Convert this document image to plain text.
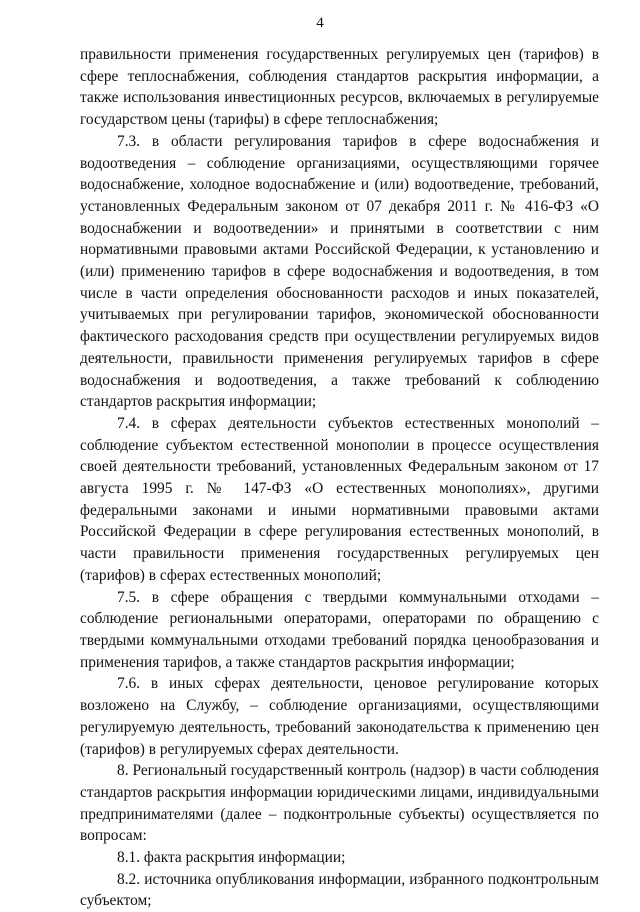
4

правильности применения государственных регулируемых цен (тарифов) в сфере теплоснабжения, соблюдения стандартов раскрытия информации, а также использования инвестиционных ресурсов, включаемых в регулируемые государством цены (тарифы) в сфере теплоснабжения;

7.3. в области регулирования тарифов в сфере водоснабжения и водоотведения – соблюдение организациями, осуществляющими горячее водоснабжение, холодное водоснабжение и (или) водоотведение, требований, установленных Федеральным законом от 07 декабря 2011 г. № 416-ФЗ «О водоснабжении и водоотведении» и принятыми в соответствии с ним нормативными правовыми актами Российской Федерации, к установлению и (или) применению тарифов в сфере водоснабжения и водоотведения, в том числе в части определения обоснованности расходов и иных показателей, учитываемых при регулировании тарифов, экономической обоснованности фактического расходования средств при осуществлении регулируемых видов деятельности, правильности применения регулируемых тарифов в сфере водоснабжения и водоотведения, а также требований к соблюдению стандартов раскрытия информации;

7.4. в сферах деятельности субъектов естественных монополий – соблюдение субъектом естественной монополии в процессе осуществления своей деятельности требований, установленных Федеральным законом от 17 августа 1995 г. № 147-ФЗ «О естественных монополиях», другими федеральными законами и иными нормативными правовыми актами Российской Федерации в сфере регулирования естественных монополий, в части правильности применения государственных регулируемых цен (тарифов) в сферах естественных монополий;

7.5. в сфере обращения с твердыми коммунальными отходами – соблюдение региональными операторами, операторами по обращению с твердыми коммунальными отходами требований порядка ценообразования и применения тарифов, а также стандартов раскрытия информации;

7.6. в иных сферах деятельности, ценовое регулирование которых возложено на Службу, – соблюдение организациями, осуществляющими регулируемую деятельность, требований законодательства к применению цен (тарифов) в регулируемых сферах деятельности.

8. Региональный государственный контроль (надзор) в части соблюдения стандартов раскрытия информации юридическими лицами, индивидуальными предпринимателями (далее – подконтрольные субъекты) осуществляется по вопросам:

8.1. факта раскрытия информации;

8.2. источника опубликования информации, избранного подконтрольным субъектом;
